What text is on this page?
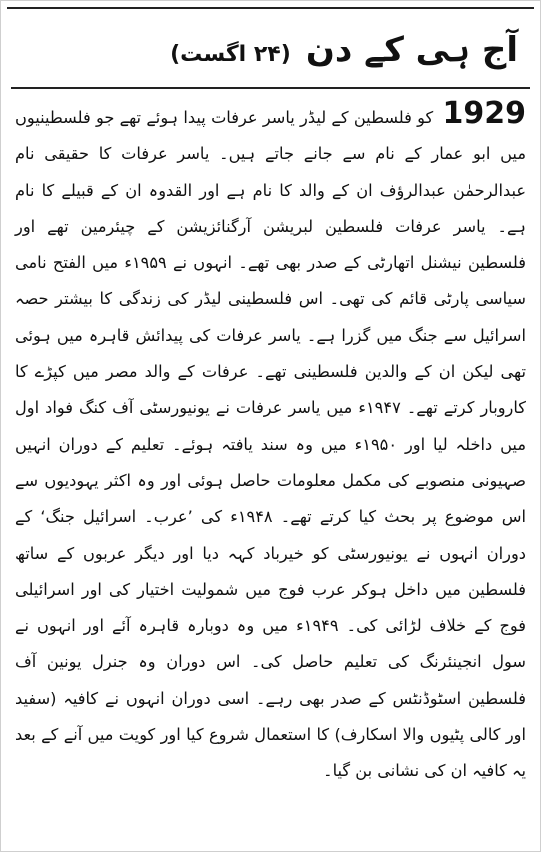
آج ہی کے دن (۲۴ اگست)
1929 کو فلسطین کے لیڈر یاسر عرفات پیدا ہوئے تھے جو فلسطینیوں میں ابو عمار کے نام سے جانے جاتے ہیں۔ یاسر عرفات کا حقیقی نام عبدالرحمٰن عبدالرؤف ان کے والد کا نام ہے اور القدوہ ان کے قبیلے کا نام ہے۔ یاسر عرفات فلسطین لبریشن آرگنائزیشن کے چیئرمین تھے اور فلسطین نیشنل اتھارٹی کے صدر بھی تھے۔ انہوں نے ۱۹۵۹ء میں الفتح نامی سیاسی پارٹی قائم کی تھی۔ اس فلسطینی لیڈر کی زندگی کا بیشتر حصہ اسرائیل سے جنگ میں گزرا ہے۔ یاسر عرفات کی پیدائش قاہرہ میں ہوئی تھی لیکن ان کے والدین فلسطینی تھے۔ عرفات کے والد مصر میں کپڑے کا کاروبار کرتے تھے۔ ۱۹۴۷ء میں یاسر عرفات نے یونیورسٹی آف کنگ فواد اول میں داخلہ لیا اور ۱۹۵۰ء میں وہ سند یافتہ ہوئے۔ تعلیم کے دوران انہیں صہیونی منصوبے کی مکمل معلومات حاصل ہوئی اور وہ اکثر یہودیوں سے اس موضوع پر بحث کیا کرتے تھے۔ ۱۹۴۸ء کی ’عرب۔ اسرائیل جنگ‘ کے دوران انہوں نے یونیورسٹی کو خیرباد کہہ دیا اور دیگر عربوں کے ساتھ فلسطین میں داخل ہوکر عرب فوج میں شمولیت اختیار کی اور اسرائیلی فوج کے خلاف لڑائی کی۔ ۱۹۴۹ء میں وہ دوبارہ قاہرہ آئے اور انہوں نے سول انجینئرنگ کی تعلیم حاصل کی۔ اس دوران وہ جنرل یونین آف فلسطین اسٹوڈنٹس کے صدر بھی رہے۔ اسی دوران انہوں نے کافیہ (سفید اور کالی پٹیوں والا اسکارف) کا استعمال شروع کیا اور کویت میں آنے کے بعد یہ کافیہ ان کی نشانی بن گیا۔
